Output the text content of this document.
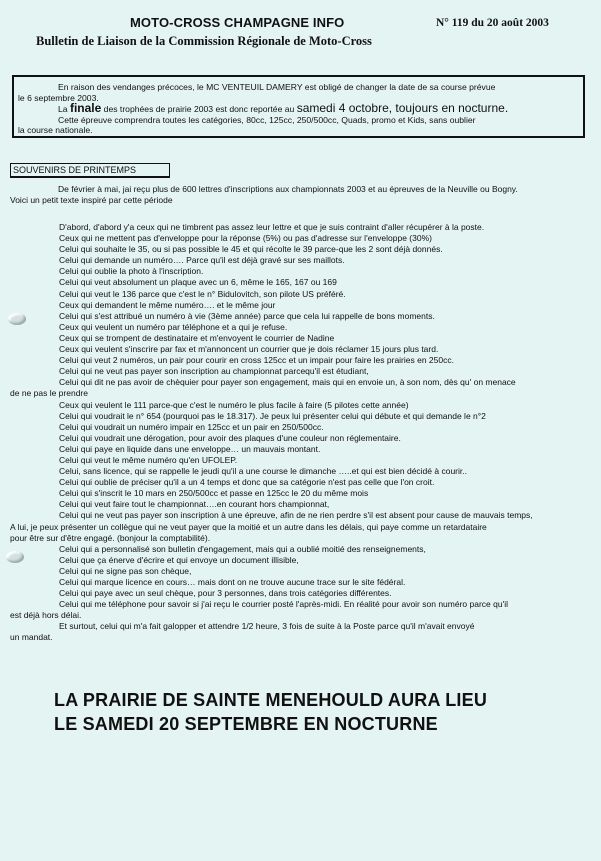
MOTO-CROSS CHAMPAGNE INFO	N° 119 du 20 août 2003
Bulletin de Liaison de la Commission Régionale de Moto-Cross

En raison des vendanges précoces, le MC VENTEUIL DAMERY est obligé de changer la date de sa course prévue

le 6 septembre 2003.

La finale des trophées de prairie 2003 est donc reportée au samedi 4 octobre, toujours en nocturne.

Cette épreuve comprendra toutes les catégories, 80cc, 125cc, 250/500cc, Quads, promo et Kids, sans oublier

la course nationale.

SOUVENIRS DE PRINTEMPS
De février à mai, jai reçu plus de 600 lettres d'inscriptions aux championnats 2003 et au épreuves de la Neuville ou Bogny.
Voici un petit texte inspiré par cette période
D'abord, d'abord y'a ceux qui ne timbrent pas assez leur lettre et que je suis contraint d'aller récupérer à la poste.
Ceux qui ne mettent pas d'enveloppe pour la réponse (5%) ou pas d'adresse sur l'enveloppe (30%)
Celui qui souhaite le 35, ou si pas possible le 45 et qui récolte le 39 parce-que les 2 sont déjà donnés.
Celui qui demande un numéro…. Parce qu'il est déjà gravé sur ses maillots.
Celui qui oublie la photo à l'inscription.
Celui qui veut absolument un plaque avec un 6, même le 165, 167 ou 169
Celui qui veut le 136 parce que c'est le n° Bidulovitch, son pilote US préféré.
Ceux qui demandent le même numéro…. et le même jour
Celui qui s'est attribué un numéro à vie (3ème année) parce que cela lui rappelle de bons moments.
Ceux qui veulent un numéro par téléphone et a qui je refuse.
Ceux qui se trompent de destinataire et m'envoyent le courrier de Nadine
Ceux qui veulent s'inscrire par fax et m'annoncent un courrier que je dois réclamer 15 jours plus tard.
Celui qui veut 2 numéros, un pair pour courir en cross 125cc et un impair pour faire les prairies en 250cc.
Celui qui ne veut pas payer son inscription au championnat parcequ'il est étudiant,
Celui qui dit ne pas avoir de chèquier pour payer son engagement, mais qui en envoie un, à son nom, dès qu' on menace
de ne pas le prendre
Ceux qui veulent le 111 parce-que c'est le numéro le plus facile à faire (5 pilotes cette année)
Celui qui voudrait le n° 654 (pourquoi pas le 18.317). Je peux lui présenter celui qui débute et qui demande le n°2
Celui qui voudrait un numéro impair en 125cc et un pair en 250/500cc.
Celui qui voudrait une dérogation, pour avoir des plaques d'une couleur non réglementaire.
Celui qui paye en liquide dans une enveloppe… un mauvais montant.
Celui qui veut le même numéro qu'en UFOLEP.
Celui, sans licence, qui se rappelle le jeudi qu'il a une course le dimanche …..et qui est bien décidé à courir..
Celui qui oublie de préciser qu'il a un 4 temps et donc que sa catégorie n'est pas celle que l'on croit.
Celui qui s'inscrit le 10 mars en 250/500cc et passe en 125cc le 20 du même mois
Celui qui veut faire tout le championnat….en courant hors championnat,
Celui qui ne veut pas payer son inscription à une épreuve, afin de ne rien perdre s'il est absent pour cause de mauvais temps,
A lui, je peux présenter un collègue qui ne veut payer que la moitié et un autre dans les délais, qui paye comme un retardataire
pour être sur d'être engagé. (bonjour la comptabilité).
Celui qui a personnalisé son bulletin d'engagement, mais qui a oublié moitié des renseignements,
Celui que ça énerve d'écrire et qui envoye un document illisible,
Celui qui ne signe pas son chèque,
Celui qui marque licence en cours… mais dont on ne trouve aucune trace sur le site fédéral.
Celui qui paye avec un seul chèque, pour 3 personnes, dans trois catégories différentes.
Celui qui me téléphone pour savoir si j'ai reçu le courrier posté l'après-midi. En réalité pour avoir son numéro parce qu'il
est déjà hors délai.
Et surtout, celui qui m'a fait galopper et attendre 1/2 heure, 3 fois de suite à la Poste parce qu'il m'avait envoyé
un mandat.
LA PRAIRIE DE SAINTE MENEHOULD AURA LIEU
LE SAMEDI 20 SEPTEMBRE EN NOCTURNE
